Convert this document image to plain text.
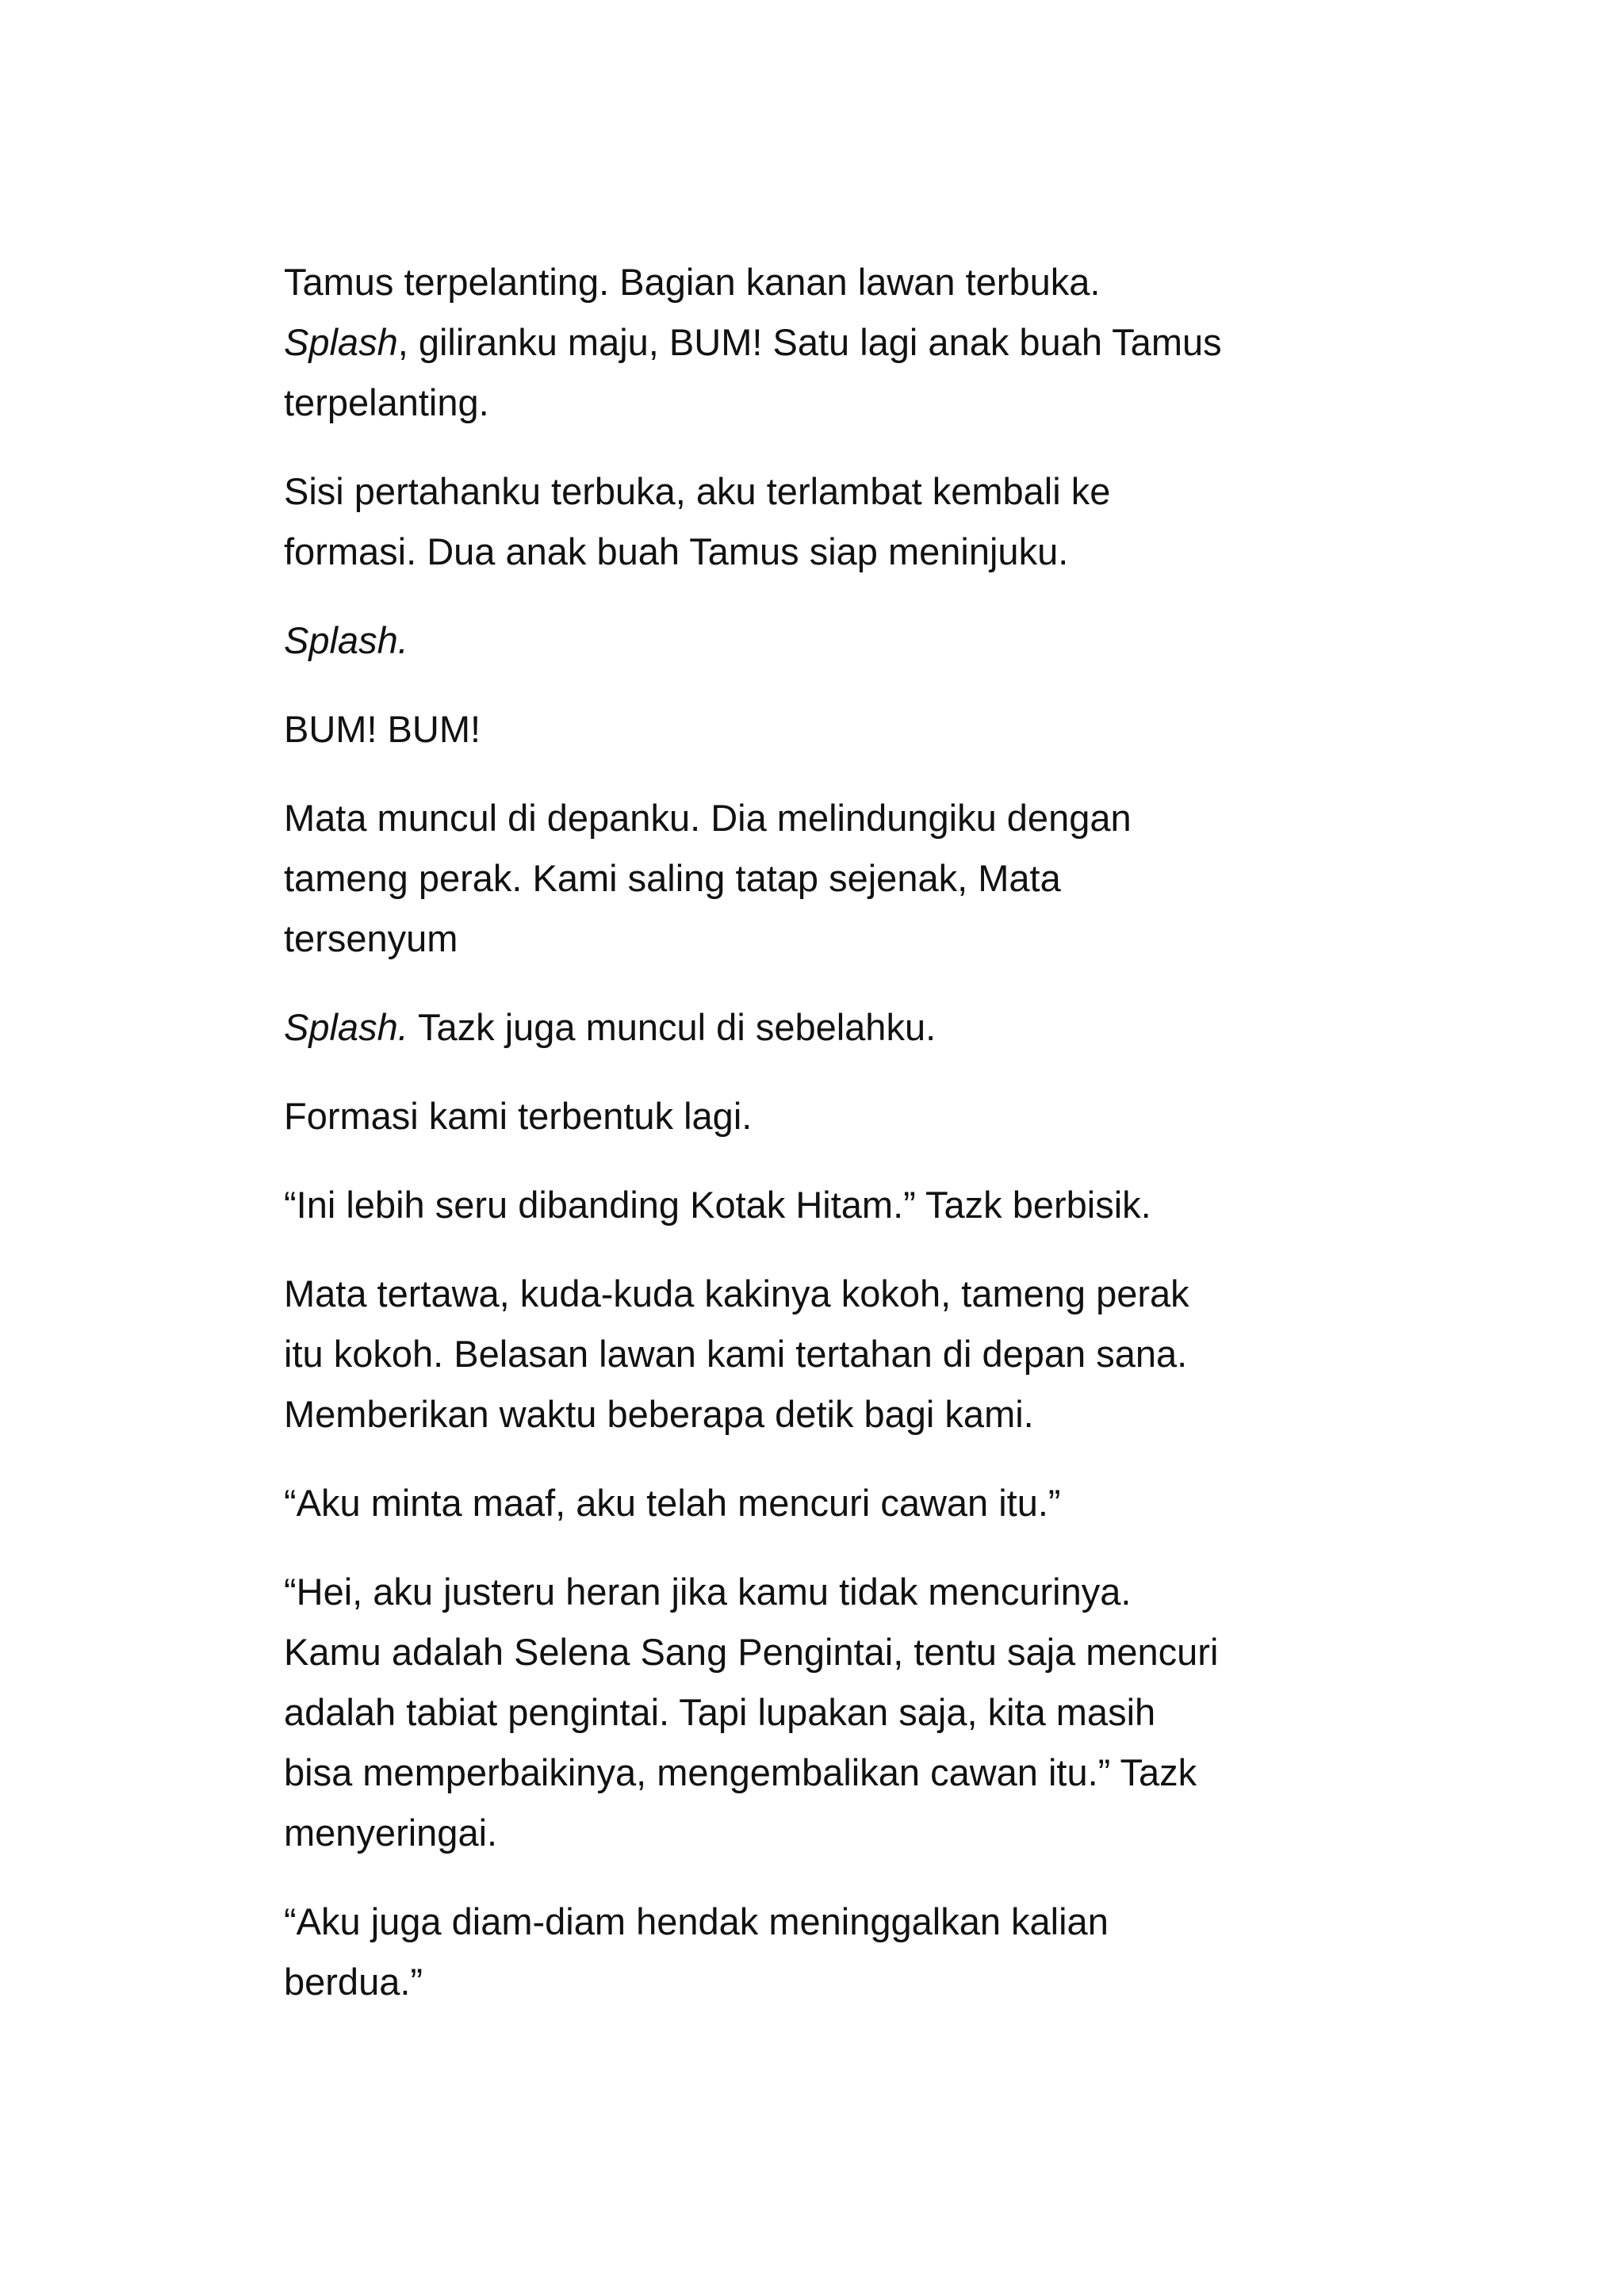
Tamus terpelanting. Bagian kanan lawan terbuka.
Splash, giliranku maju, BUM! Satu lagi anak buah Tamus
terpelanting.

Sisi pertahanku terbuka, aku terlambat kembali ke
formasi. Dua anak buah Tamus siap meninjuku.

Splash.

BUM! BUM!

Mata muncul di depanku. Dia melindungiku dengan
tameng perak. Kami saling tatap sejenak, Mata
tersenyum

Splash. Tazk juga muncul di sebelahku.

Formasi kami terbentuk lagi.

“Ini lebih seru dibanding Kotak Hitam.” Tazk berbisik.

Mata tertawa, kuda-kuda kakinya kokoh, tameng perak
itu kokoh. Belasan lawan kami tertahan di depan sana.
Memberikan waktu beberapa detik bagi kami.

“Aku minta maaf, aku telah mencuri cawan itu.”

“Hei, aku justeru heran jika kamu tidak mencurinya.
Kamu adalah Selena Sang Pengintai, tentu saja mencuri
adalah tabiat pengintai. Tapi lupakan saja, kita masih
bisa memperbaikinya, mengembalikan cawan itu.” Tazk
menyeringai.

“Aku juga diam-diam hendak meninggalkan kalian
berdua.”
